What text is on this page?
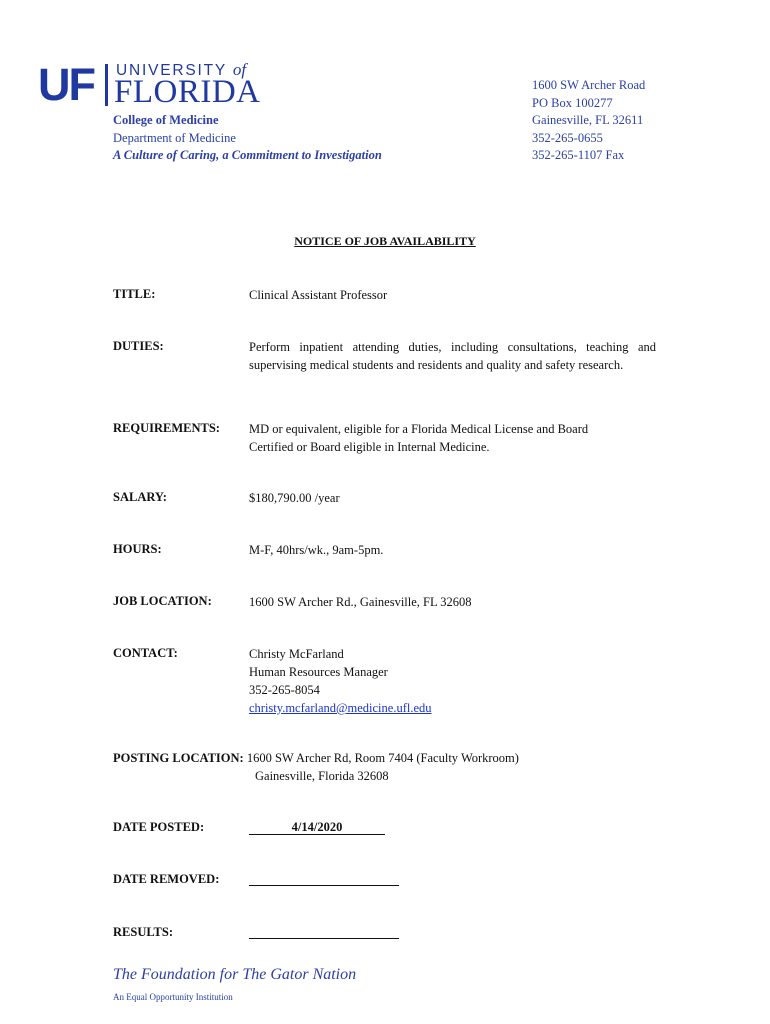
UF UNIVERSITY of
FLORIDA
College of Medicine
Department of Medicine
A Culture of Caring, a Commitment to Investigation
1600 SW Archer Road
PO Box 100277
Gainesville, FL 32611
352-265-0655
352-265-1107 Fax
NOTICE OF JOB AVAILABILITY
TITLE:	Clinical Assistant Professor
DUTIES:	Perform inpatient attending duties, including consultations, teaching and supervising medical students and residents and quality and safety research.
REQUIREMENTS: MD or equivalent, eligible for a Florida Medical License and Board
Certified or Board eligible in Internal Medicine.
SALARY:	$180,790.00 /year
HOURS:	M-F, 40hrs/wk., 9am-5pm.
JOB LOCATION:	1600 SW Archer Rd., Gainesville, FL 32608
CONTACT:	Christy McFarland
Human Resources Manager
352-265-8054
christy.mcfarland@medicine.ufl.edu
POSTING LOCATION: 1600 SW Archer Rd, Room 7404 (Faculty Workroom)
Gainesville, Florida 32608
DATE POSTED:	4/14/2020
DATE REMOVED:
RESULTS:
The Foundation for The Gator Nation
An Equal Opportunity Institution
